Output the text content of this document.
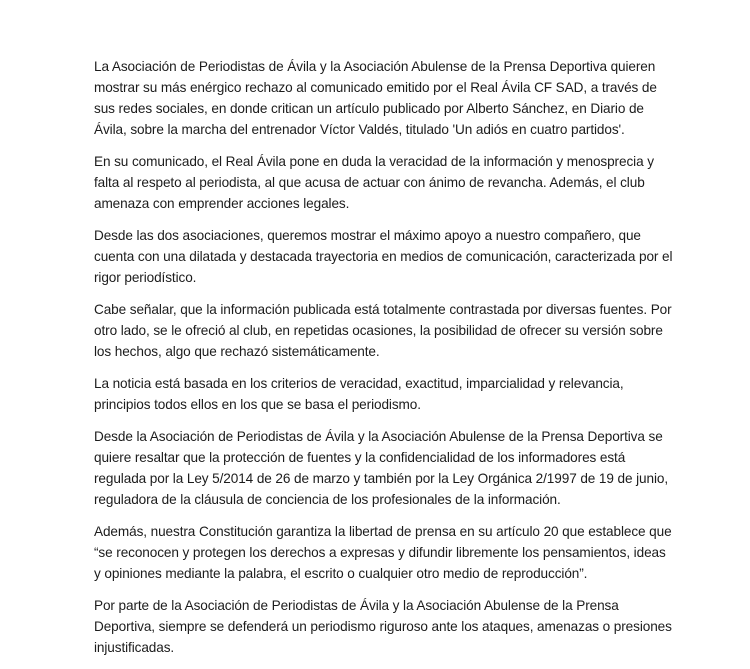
La Asociación de Periodistas de Ávila y la Asociación Abulense de la Prensa Deportiva quieren mostrar su más enérgico rechazo al comunicado emitido por el Real Ávila CF SAD, a través de sus redes sociales, en donde critican un artículo publicado por Alberto Sánchez, en Diario de Ávila, sobre la marcha del entrenador Víctor Valdés, titulado 'Un adiós en cuatro partidos'.

En su comunicado, el Real Ávila pone en duda la veracidad de la información y menosprecia y falta al respeto al periodista, al que acusa de actuar con ánimo de revancha. Además, el club amenaza con emprender acciones legales.

Desde las dos asociaciones, queremos mostrar el máximo apoyo a nuestro compañero, que cuenta con una dilatada y destacada trayectoria en medios de comunicación, caracterizada por el rigor periodístico.

Cabe señalar, que la información publicada está totalmente contrastada por diversas fuentes. Por otro lado, se le ofreció al club, en repetidas ocasiones, la posibilidad de ofrecer su versión sobre los hechos, algo que rechazó sistemáticamente.

La noticia está basada en los criterios de veracidad, exactitud, imparcialidad y relevancia, principios todos ellos en los que se basa el periodismo.

Desde la Asociación de Periodistas de Ávila y la Asociación Abulense de la Prensa Deportiva se quiere resaltar que la protección de fuentes y la confidencialidad de los informadores está regulada por la Ley 5/2014 de 26 de marzo y también por la Ley Orgánica 2/1997 de 19 de junio, reguladora de la cláusula de conciencia de los profesionales de la información.

Además, nuestra Constitución garantiza la libertad de prensa en su artículo 20 que establece que “se reconocen y protegen los derechos a expresas y difundir libremente los pensamientos, ideas y opiniones mediante la palabra, el escrito o cualquier otro medio de reproducción”.

Por parte de la Asociación de Periodistas de Ávila y la Asociación Abulense de la Prensa Deportiva, siempre se defenderá un periodismo riguroso ante los ataques, amenazas o presiones injustificadas.
